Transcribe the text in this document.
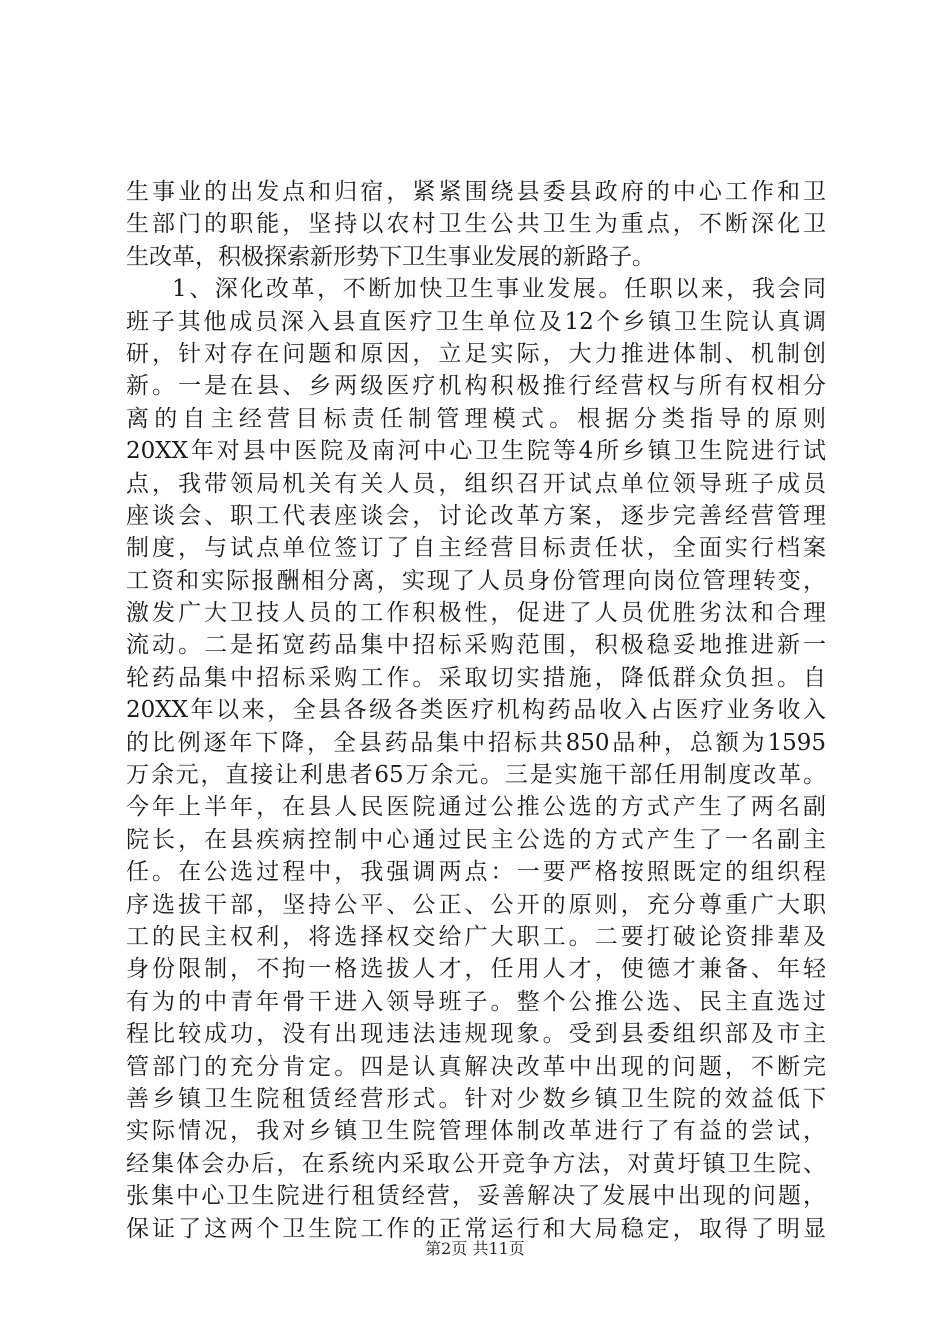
生事业的出发点和归宿，紧紧围绕县委县政府的中心工作和卫
生部门的职能，坚持以农村卫生公共卫生为重点，不断深化卫
生改革，积极探索新形势下卫生事业发展的新路子。
1、深化改革，不断加快卫生事业发展。任职以来，我会同
班子其他成员深入县直医疗卫生单位及12个乡镇卫生院认真调
研，针对存在问题和原因，立足实际，大力推进体制、机制创
新。一是在县、乡两级医疗机构积极推行经营权与所有权相分
离的自主经营目标责任制管理模式。根据分类指导的原则
20XX年对县中医院及南河中心卫生院等4所乡镇卫生院进行试
点，我带领局机关有关人员，组织召开试点单位领导班子成员
座谈会、职工代表座谈会，讨论改革方案，逐步完善经营管理
制度，与试点单位签订了自主经营目标责任状，全面实行档案
工资和实际报酬相分离，实现了人员身份管理向岗位管理转变，
激发广大卫技人员的工作积极性，促进了人员优胜劣汰和合理
流动。二是拓宽药品集中招标采购范围，积极稳妥地推进新一
轮药品集中招标采购工作。采取切实措施，降低群众负担。自
20XX年以来，全县各级各类医疗机构药品收入占医疗业务收入
的比例逐年下降，全县药品集中招标共850品种，总额为1595
万余元，直接让利患者65万余元。三是实施干部任用制度改革。
今年上半年，在县人民医院通过公推公选的方式产生了两名副
院长，在县疾病控制中心通过民主公选的方式产生了一名副主
任。在公选过程中，我强调两点：一要严格按照既定的组织程
序选拔干部，坚持公平、公正、公开的原则，充分尊重广大职
工的民主权利，将选择权交给广大职工。二要打破论资排辈及
身份限制，不拘一格选拔人才，任用人才，使德才兼备、年轻
有为的中青年骨干进入领导班子。整个公推公选、民主直选过
程比较成功，没有出现违法违规现象。受到县委组织部及市主
管部门的充分肯定。四是认真解决改革中出现的问题，不断完
善乡镇卫生院租赁经营形式。针对少数乡镇卫生院的效益低下
实际情况，我对乡镇卫生院管理体制改革进行了有益的尝试，
经集体会办后，在系统内采取公开竞争方法，对黄圩镇卫生院、
张集中心卫生院进行租赁经营，妥善解决了发展中出现的问题，
保证了这两个卫生院工作的正常运行和大局稳定，取得了明显
第2页 共11页
